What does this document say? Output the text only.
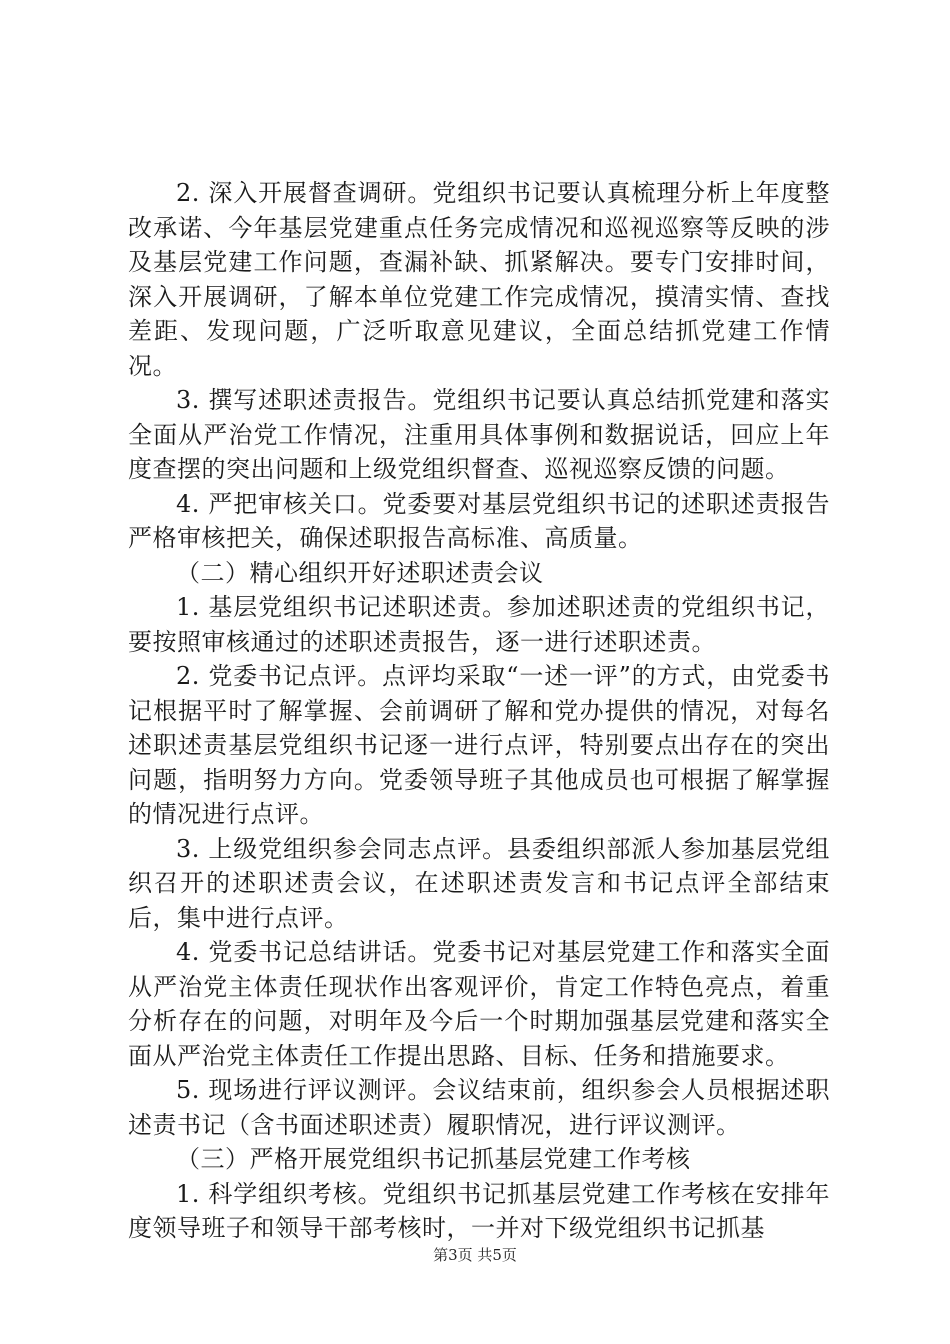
2. 深入开展督查调研。党组织书记要认真梳理分析上年度整改承诺、今年基层党建重点任务完成情况和巡视巡察等反映的涉及基层党建工作问题，查漏补缺、抓紧解决。要专门安排时间，深入开展调研，了解本单位党建工作完成情况，摸清实情、查找差距、发现问题，广泛听取意见建议，全面总结抓党建工作情况。

3. 撰写述职述责报告。党组织书记要认真总结抓党建和落实全面从严治党工作情况，注重用具体事例和数据说话，回应上年度查摆的突出问题和上级党组织督查、巡视巡察反馈的问题。

4. 严把审核关口。党委要对基层党组织书记的述职述责报告严格审核把关，确保述职报告高标准、高质量。

（二）精心组织开好述职述责会议

1. 基层党组织书记述职述责。参加述职述责的党组织书记，要按照审核通过的述职述责报告，逐一进行述职述责。

2. 党委书记点评。点评均采取“一述一评”的方式，由党委书记根据平时了解掌握、会前调研了解和党办提供的情况，对每名述职述责基层党组织书记逐一进行点评，特别要点出存在的突出问题，指明努力方向。党委领导班子其他成员也可根据了解掌握的情况进行点评。

3. 上级党组织参会同志点评。县委组织部派人参加基层党组织召开的述职述责会议，在述职述责发言和书记点评全部结束后，集中进行点评。

4. 党委书记总结讲话。党委书记对基层党建工作和落实全面从严治党主体责任现状作出客观评价，肯定工作特色亮点，着重分析存在的问题，对明年及今后一个时期加强基层党建和落实全面从严治党主体责任工作提出思路、目标、任务和措施要求。

5. 现场进行评议测评。会议结束前，组织参会人员根据述职述责书记（含书面述职述责）履职情况，进行评议测评。

（三）严格开展党组织书记抓基层党建工作考核

1. 科学组织考核。党组织书记抓基层党建工作考核在安排年度领导班子和领导干部考核时，一并对下级党组织书记抓基

第3页 共5页
